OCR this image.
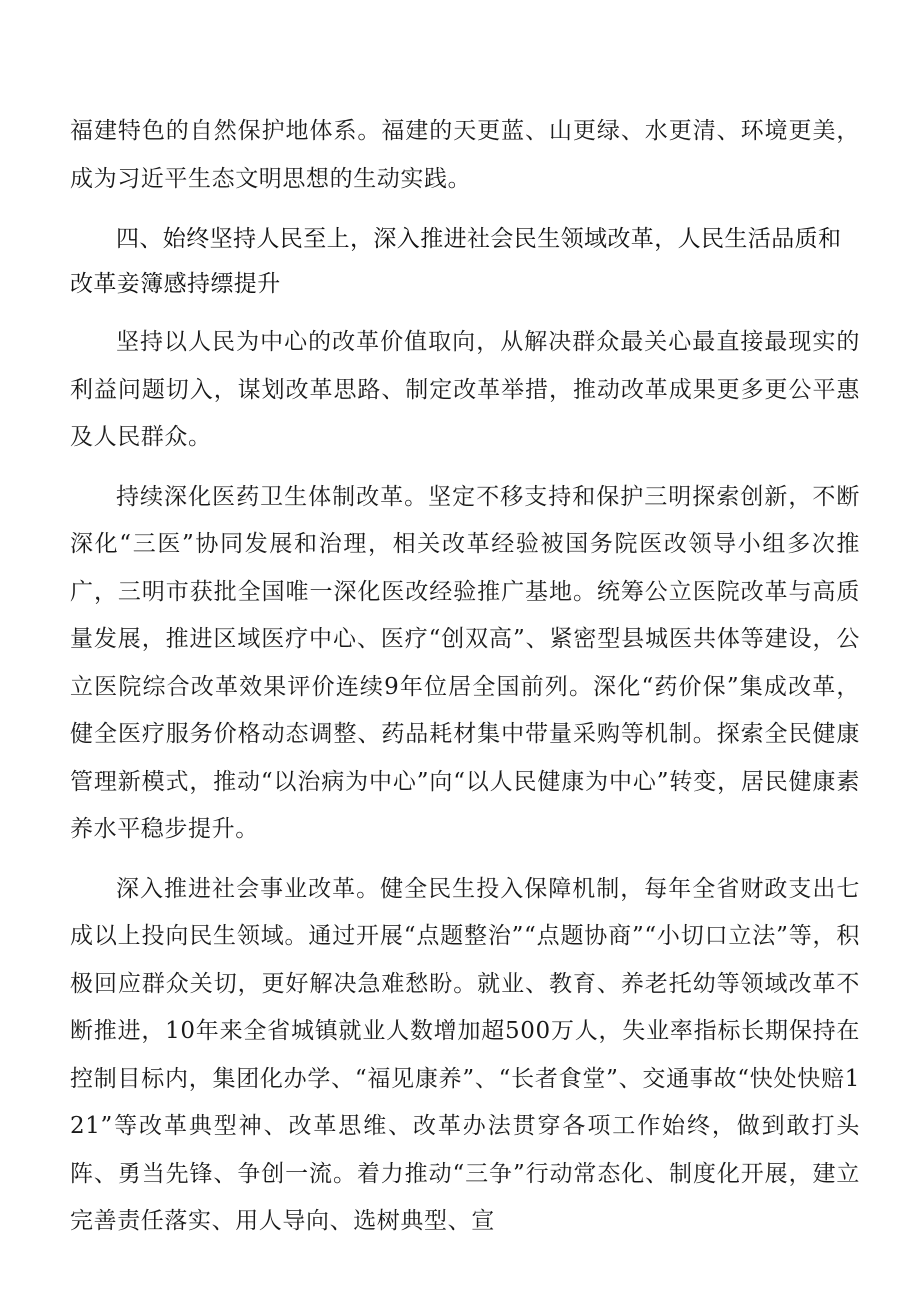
福建特色的自然保护地体系。福建的天更蓝、山更绿、水更清、环境更美，成为习近平生态文明思想的生动实践。

四、始终坚持人民至上，深入推进社会民生领域改革，人民生活品质和改革妾簿感持缥提升

坚持以人民为中心的改革价值取向，从解决群众最关心最直接最现实的利益问题切入，谋划改革思路、制定改革举措，推动改革成果更多更公平惠及人民群众。

持续深化医药卫生体制改革。坚定不移支持和保护三明探索创新，不断深化“三医”协同发展和治理，相关改革经验被国务院医改领导小组多次推广，三明市获批全国唯一深化医改经验推广基地。统筹公立医院改革与高质量发展，推进区域医疗中心、医疗“创双高”、紧密型县城医共体等建设，公立医院综合改革效果评价连续9年位居全国前列。深化“药价保”集成改革，健全医疗服务价格动态调整、药品耗材集中带量采购等机制。探索全民健康管理新模式，推动“以治病为中心”向“以人民健康为中心”转变，居民健康素养水平稳步提升。

深入推进社会事业改革。健全民生投入保障机制，每年全省财政支出七成以上投向民生领域。通过开展“点题整治”“点题协商”“小切口立法”等，积极回应群众关切，更好解决急难愁盼。就业、教育、养老托幼等领域改革不断推进，10年来全省城镇就业人数增加超500万人，失业率指标长期保持在控制目标内，集团化办学、“福见康养”、“长者食堂”、交通事故“快处快赔121”等改革典型神、改革思维、改革办法贯穿各项工作始终，做到敢打头阵、勇当先锋、争创一流。着力推动“三争”行动常态化、制度化开展，建立完善责任落实、用人导向、选树典型、宣
